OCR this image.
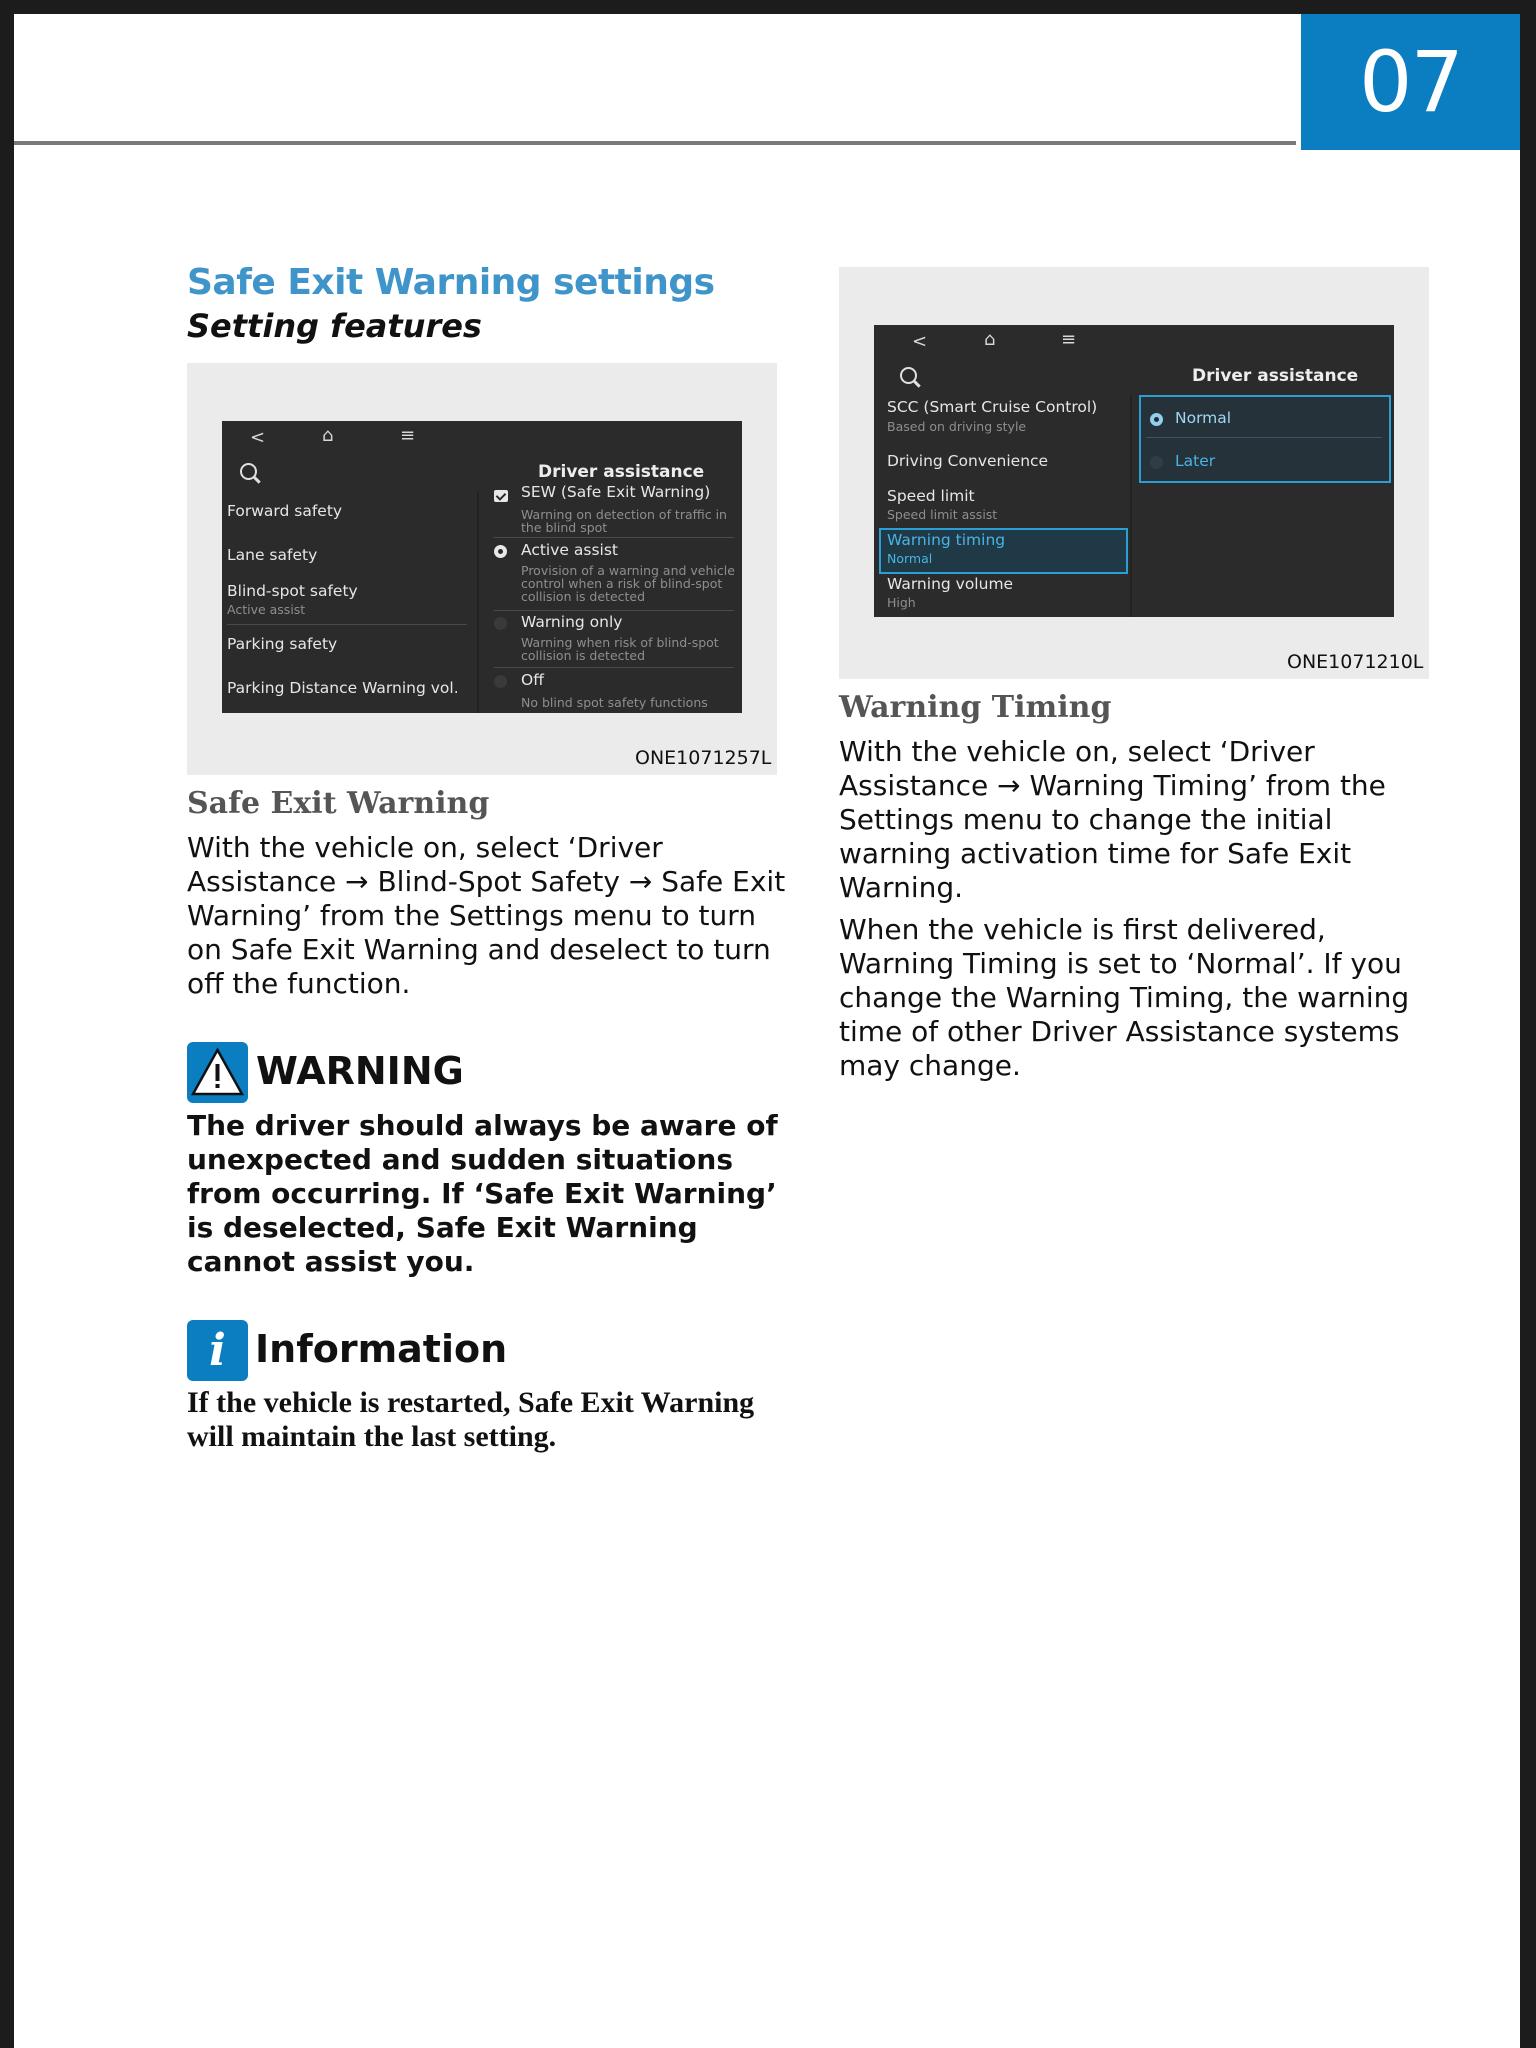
07
Safe Exit Warning settings
Setting features
<	⌂	≡
Driver assistance
Forward safety
Lane safety
Blind-spot safety
Active assist
Parking safety
Parking Distance Warning vol.
SEW (Safe Exit Warning)
Warning on detection of traffic in the blind spot
Active assist
Provision of a warning and vehicle control when a risk of blind-spot collision is detected
Warning only
Warning when risk of blind-spot collision is detected
Off
No blind spot safety functions
ONE1071257L
Safe Exit Warning
With the vehicle on, select ‘Driver Assistance → Blind-Spot Safety → Safe Exit Warning’ from the Settings menu to turn on Safe Exit Warning and deselect to turn off the function.
WARNING
The driver should always be aware of unexpected and sudden situations from occurring. If ‘Safe Exit Warning’ is deselected, Safe Exit Warning cannot assist you.
i Information
If the vehicle is restarted, Safe Exit Warning will maintain the last setting.
<	⌂	≡
Driver assistance
SCC (Smart Cruise Control)
Based on driving style
Driving Convenience
Speed limit
Speed limit assist
Warning timing
Normal
Warning volume
High
Normal
Later
ONE1071210L
Warning Timing
With the vehicle on, select ‘Driver Assistance → Warning Timing’ from the Settings menu to change the initial warning activation time for Safe Exit Warning.
When the vehicle is first delivered, Warning Timing is set to ‘Normal’. If you change the Warning Timing, the warning time of other Driver Assistance systems may change.
